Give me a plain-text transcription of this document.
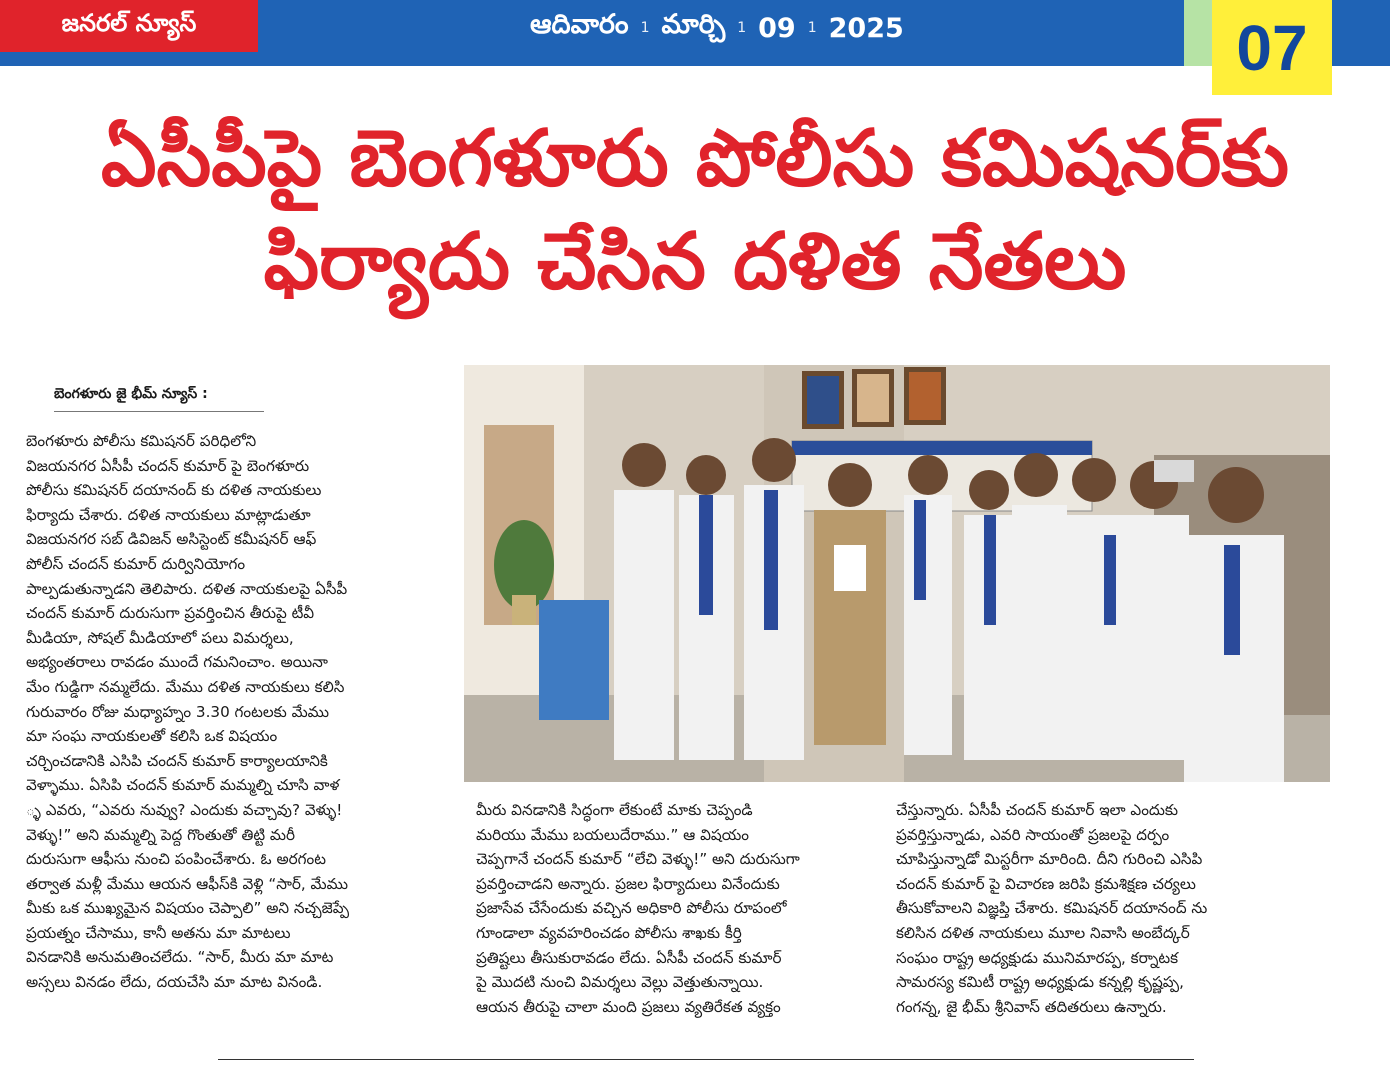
జనరల్ న్యూస్	ఆదివారం 1 మార్చి 1 09 1 2025	07
ఏసీపీపై బెంగళూరు పోలీసు కమిషనర్‌కు
ఫిర్యాదు చేసిన దళిత నేతలు
బెంగళూరు జై భీమ్ న్యూస్ :
బెంగళూరు పోలీసు కమిషనర్ పరిధిలోని
విజయనగర ఏసీపీ చందన్ కుమార్ పై బెంగళూరు
పోలీసు కమిషనర్ దయానంద్ కు దళిత నాయకులు
ఫిర్యాదు చేశారు. దళిత నాయకులు మాట్లాడుతూ
విజయనగర సబ్ డివిజన్ అసిస్టెంట్ కమీషనర్ ఆఫ్
పోలీస్ చందన్ కుమార్ దుర్వినియోగం
పాల్పడుతున్నాడని తెలిపారు. దళిత నాయకులపై ఏసీపీ
చందన్ కుమార్ దురుసుగా ప్రవర్తించిన తీరుపై టీవీ
మీడియా, సోషల్ మీడియాలో పలు విమర్శలు,
అభ్యంతరాలు రావడం ముందే గమనించాం. అయినా
మేం గుడ్డిగా నమ్మలేదు. మేము దళిత నాయకులు కలిసి
గురువారం రోజు మధ్యాహ్నం 3.30 గంటలకు మేము
మా సంఘ నాయకులతో కలిసి ఒక విషయం
చర్చించడానికి ఎసిపి చందన్ కుమార్ కార్యాలయానికి
వెళ్ళాము. ఏసిపి చందన్ కుమార్ మమ్మల్ని చూసి వాళ
్ళ ఎవరు, “ఎవరు నువ్వు? ఎందుకు వచ్చావు? వెళ్ళు!
వెళ్ళు!” అని మమ్మల్ని పెద్ద గొంతుతో తిట్టి మరీ
దురుసుగా ఆఫీసు నుంచి పంపించేశారు. ఓ అరగంట
తర్వాత మళ్లీ మేము ఆయన ఆఫీస్‌కి వెళ్లి “సార్, మేము
మీకు ఒక ముఖ్యమైన విషయం చెప్పాలి” అని నచ్చజెప్పే
ప్రయత్నం చేసాము, కానీ అతను మా మాటలు
వినడానికి అనుమతించలేదు. “సార్, మీరు మా మాట
అస్సలు వినడం లేదు, దయచేసి మా మాట వినండి.
మీరు వినడానికి సిద్ధంగా లేకుంటే మాకు చెప్పండి
మరియు మేము బయలుదేరాము.” ఆ విషయం
చెప్పగానే చందన్ కుమార్ “లేచి వెళ్ళు!” అని దురుసుగా
ప్రవర్తించాడని అన్నారు. ప్రజల ఫిర్యాదులు వినేందుకు
ప్రజాసేవ చేసేందుకు వచ్చిన అధికారి పోలీసు రూపంలో
గూండాలా వ్యవహరించడం పోలీసు శాఖకు కీర్తి
ప్రతిష్టలు తీసుకురావడం లేదు. ఏసీపీ చందన్ కుమార్
పై మొదటి నుంచి విమర్శలు వెల్లు వెత్తుతున్నాయి.
ఆయన తీరుపై చాలా మంది ప్రజలు వ్యతిరేకత వ్యక్తం
చేస్తున్నారు. ఏసీపీ చందన్ కుమార్ ఇలా ఎందుకు
ప్రవర్తిస్తున్నాడు, ఎవరి సాయంతో ప్రజలపై దర్పం
చూపిస్తున్నాడో మిస్టరీగా మారింది. దీని గురించి ఎసిపి
చందన్ కుమార్ పై విచారణ జరిపి క్రమశిక్షణ చర్యలు
తీసుకోవాలని విజ్ఞప్తి చేశారు. కమిషనర్ దయానంద్ ను
కలిసిన దళిత నాయకులు మూల నివాసి అంబేద్కర్
సంఘం రాష్ట్ర అధ్యక్షుడు మునిమారప్ప, కర్నాటక
సామరస్య కమిటీ రాష్ట్ర అధ్యక్షుడు కన్నల్లి కృష్ణప్ప,
గంగన్న, జై భీమ్ శ్రీనివాస్ తదితరులు ఉన్నారు.
